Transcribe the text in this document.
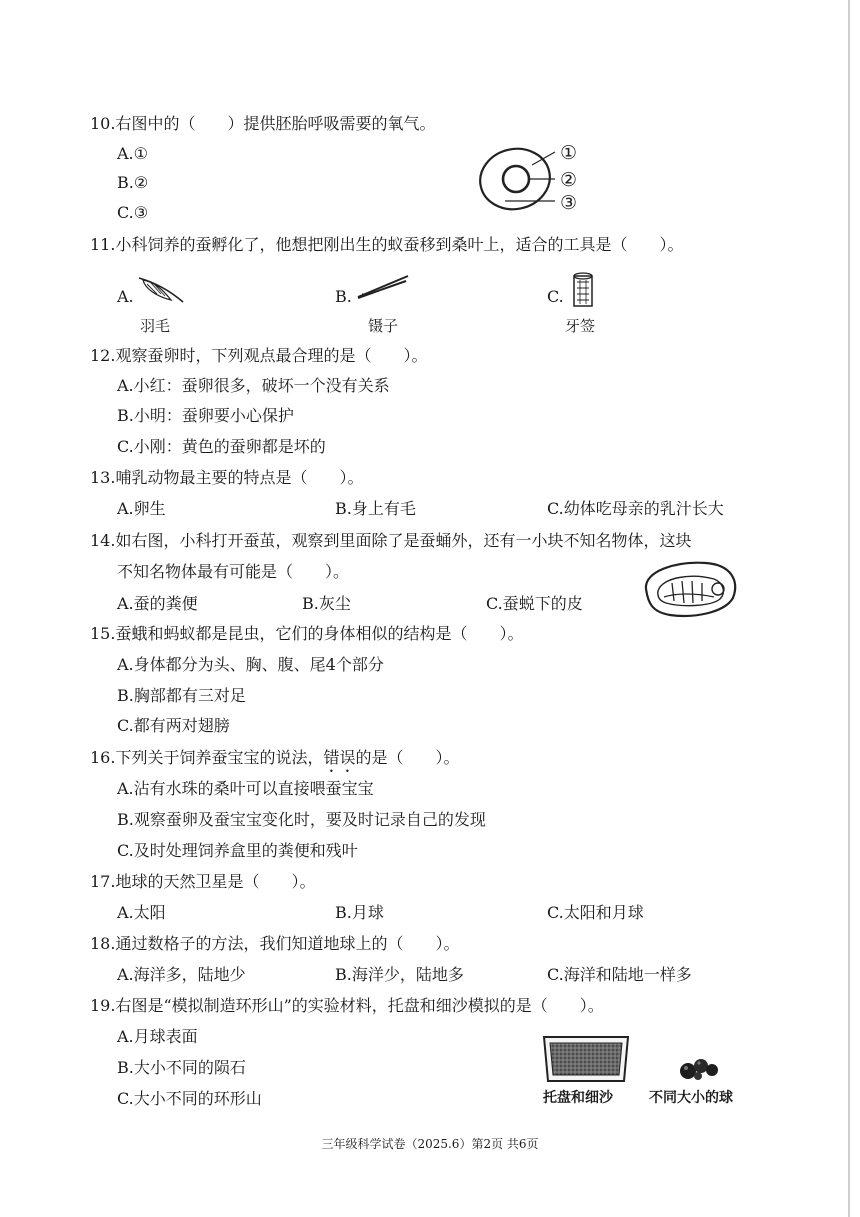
10.右图中的（　　）提供胚胎呼吸需要的氧气。
A.①
B.②
C.③
①
②
③
11.小科饲养的蚕孵化了，他想把刚出生的蚁蚕移到桑叶上，适合的工具是（　　）。
A.
羽毛
B.
镊子
C.
牙签
12.观察蚕卵时，下列观点最合理的是（　　）。
A.小红：蚕卵很多，破坏一个没有关系
B.小明：蚕卵要小心保护
C.小刚：黄色的蚕卵都是坏的
13.哺乳动物最主要的特点是（　　）。
A.卵生	B.身上有毛	C.幼体吃母亲的乳汁长大
14.如右图，小科打开蚕茧，观察到里面除了是蚕蛹外，还有一小块不知名物体，这块
不知名物体最有可能是（　　）。
A.蚕的粪便	B.灰尘	C.蚕蜕下的皮
15.蚕蛾和蚂蚁都是昆虫，它们的身体相似的结构是（　　）。
A.身体都分为头、胸、腹、尾4个部分
B.胸部都有三对足
C.都有两对翅膀
16.下列关于饲养蚕宝宝的说法，错误的是（　　）。
A.沾有水珠的桑叶可以直接喂蚕宝宝
B.观察蚕卵及蚕宝宝变化时，要及时记录自己的发现
C.及时处理饲养盒里的粪便和残叶
17.地球的天然卫星是（　　）。
A.太阳	B.月球	C.太阳和月球
18.通过数格子的方法，我们知道地球上的（　　）。
A.海洋多，陆地少	B.海洋少，陆地多	C.海洋和陆地一样多
19.右图是“模拟制造环形山”的实验材料，托盘和细沙模拟的是（　　）。
A.月球表面
B.大小不同的陨石
C.大小不同的环形山	托盘和细沙	不同大小的球
三年级科学试卷（2025.6）第2页 共6页
